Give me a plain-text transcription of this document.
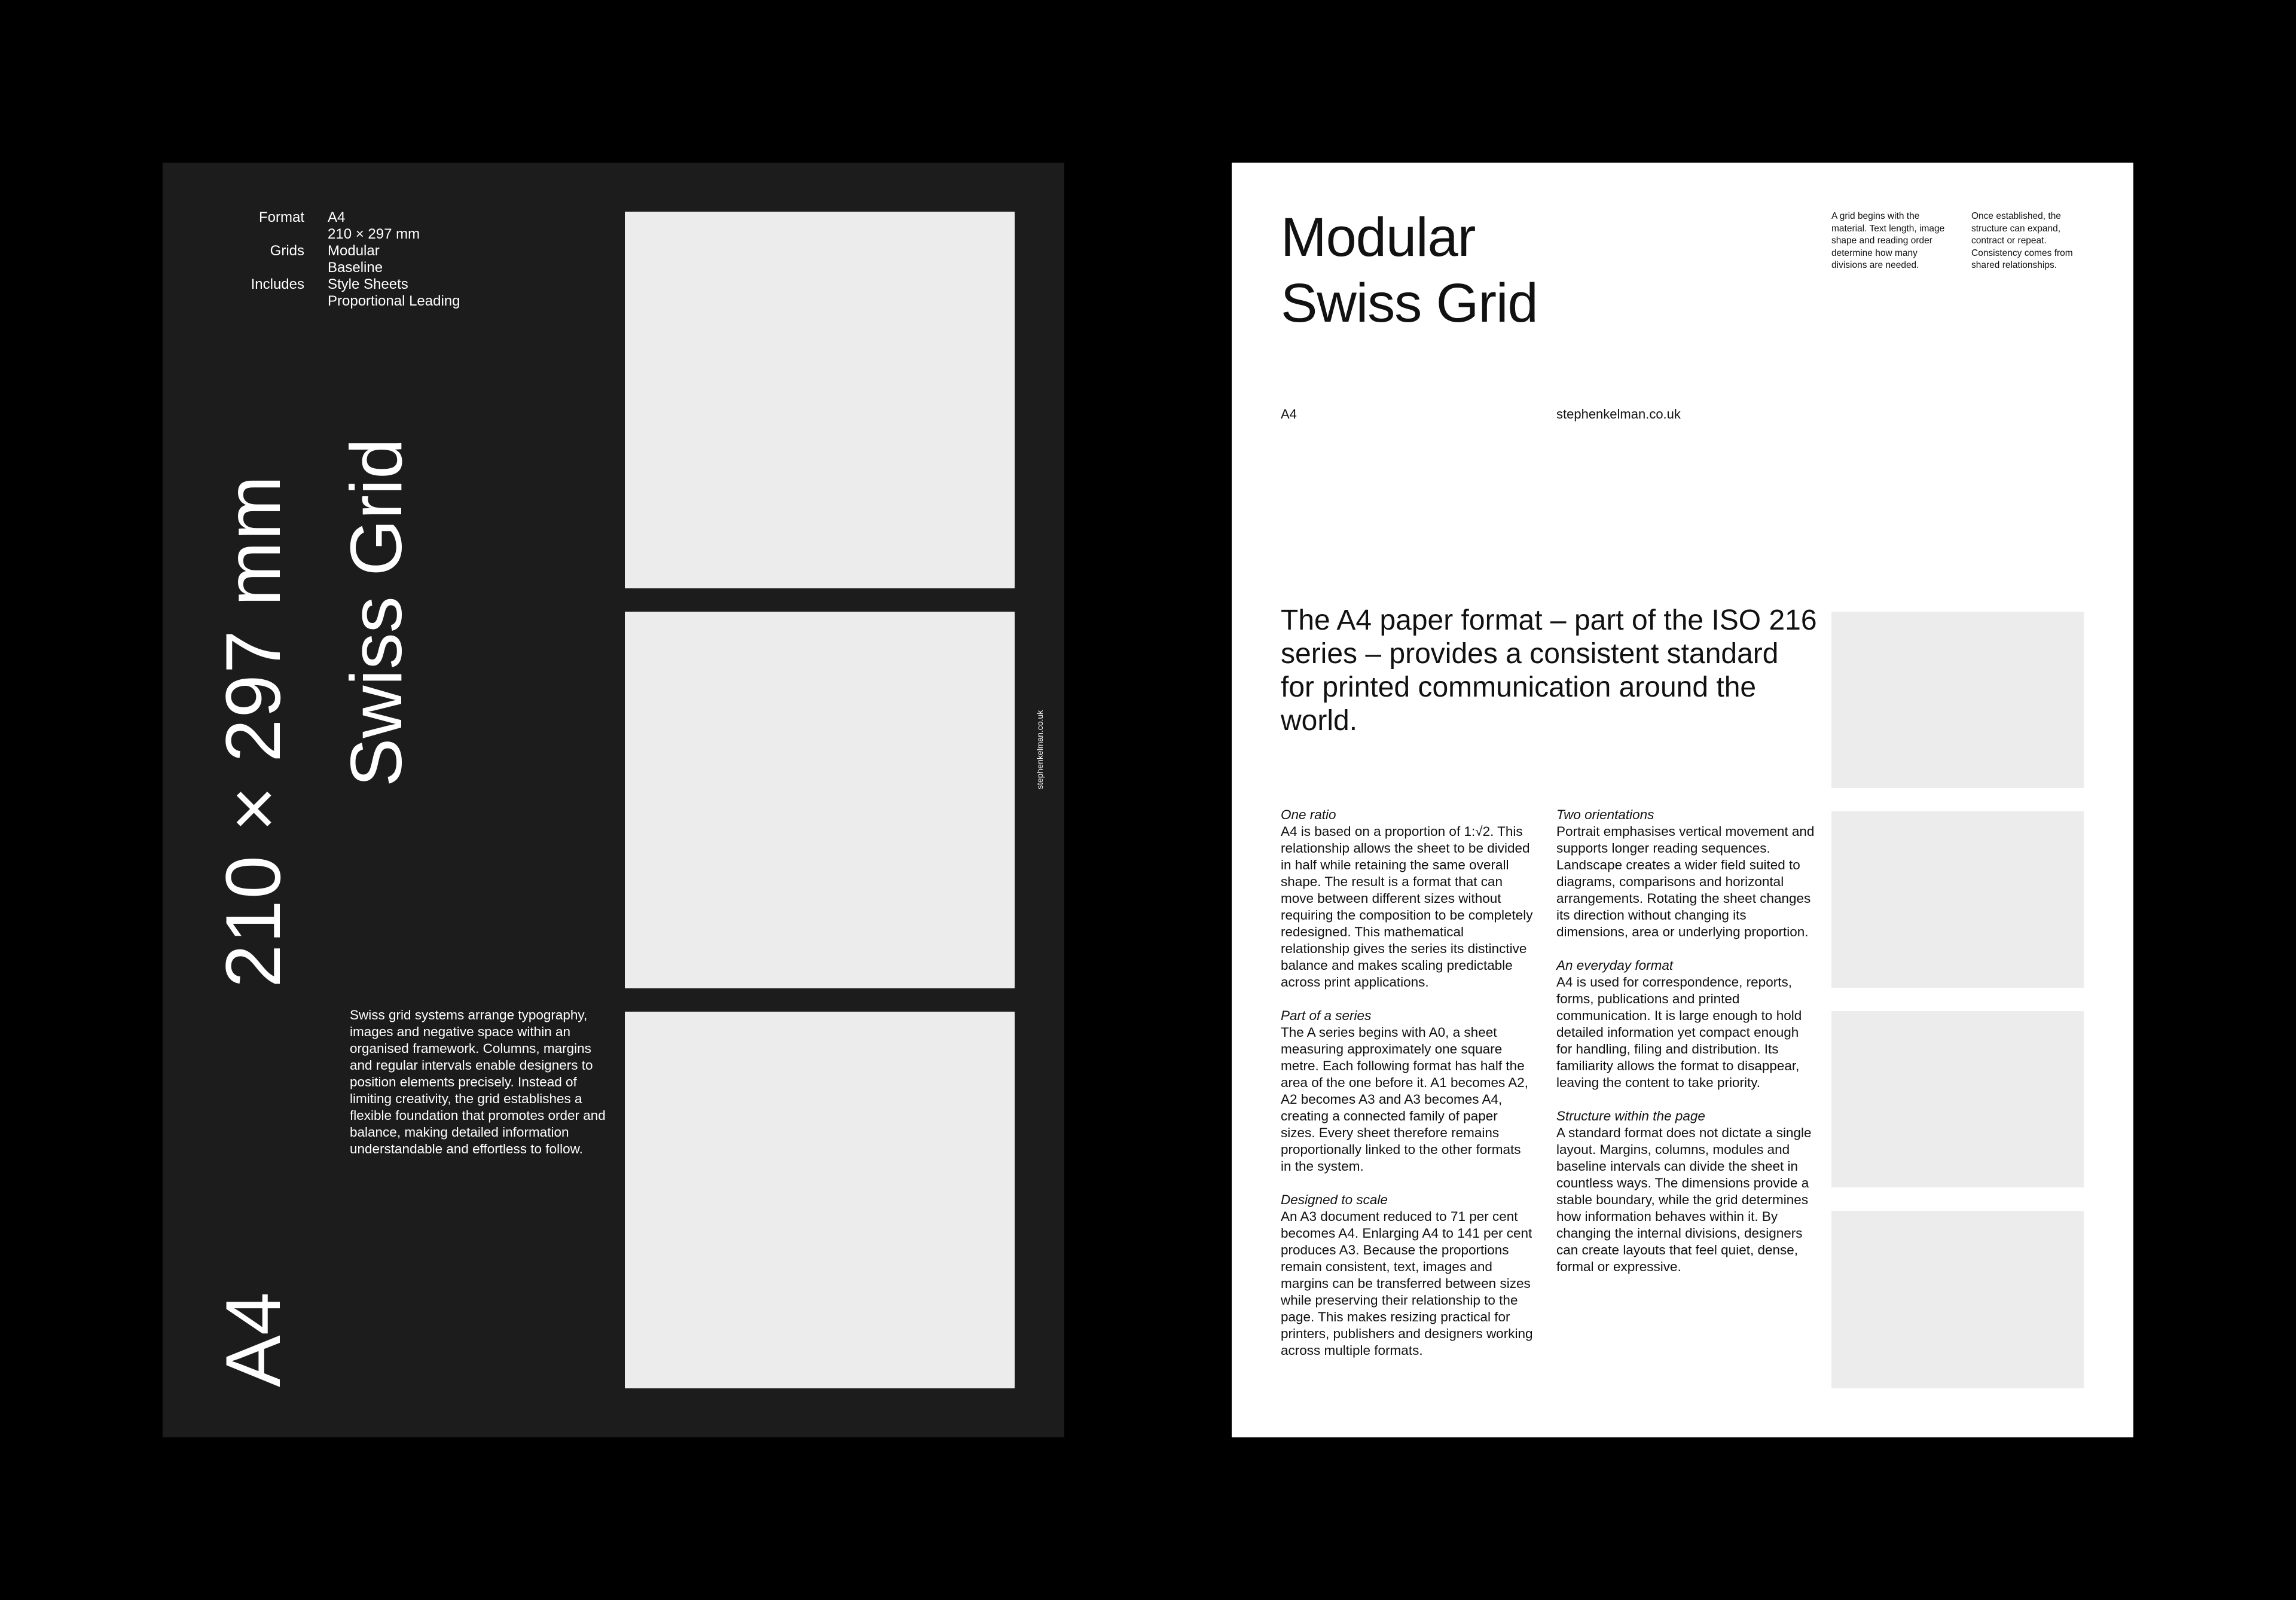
Format	A4
210 × 297 mm
Grids	Modular
Baseline
Includes	Style Sheets
Proportional Leading
210 × 297 mm Swiss Grid
A4
stephenkelman.co.uk
Swiss grid systems arrange typography, images and negative space within an organised framework. Columns, margins and regular intervals enable designers to position elements precisely. Instead of limiting creativity, the grid establishes a flexible foundation that promotes order and balance, making detailed information understandable and effortless to follow.
Modular
Swiss Grid
A grid begins with the material. Text length, image shape and reading order determine how many divisions are needed.
Once established, the structure can expand, contract or repeat. Consistency comes from shared relationships.
A4	stephenkelman.co.uk
The A4 paper format – part of the ISO 216 series – provides a consistent standard for printed communication around the world.
One ratio
A4 is based on a proportion of 1:√2. This relationship allows the sheet to be divided in half while retaining the same overall shape. The result is a format that can move between different sizes without requiring the composition to be completely redesigned. This mathematical relationship gives the series its distinctive balance and makes scaling predictable across print applications.
Part of a series
The A series begins with A0, a sheet measuring approximately one square metre. Each following format has half the area of the one before it. A1 becomes A2, A2 becomes A3 and A3 becomes A4, creating a connected family of paper sizes. Every sheet therefore remains proportionally linked to the other formats in the system.
Designed to scale
An A3 document reduced to 71 per cent becomes A4. Enlarging A4 to 141 per cent produces A3. Because the proportions remain consistent, text, images and margins can be transferred between sizes while preserving their relationship to the page. This makes resizing practical for printers, publishers and designers working across multiple formats.
Two orientations
Portrait emphasises vertical movement and supports longer reading sequences. Landscape creates a wider field suited to diagrams, comparisons and horizontal arrangements. Rotating the sheet changes its direction without changing its dimensions, area or underlying proportion.
An everyday format
A4 is used for correspondence, reports, forms, publications and printed communication. It is large enough to hold detailed information yet compact enough for handling, filing and distribution. Its familiarity allows the format to disappear, leaving the content to take priority.
Structure within the page
A standard format does not dictate a single layout. Margins, columns, modules and baseline intervals can divide the sheet in countless ways. The dimensions provide a stable boundary, while the grid determines how information behaves within it. By changing the internal divisions, designers can create layouts that feel quiet, dense, formal or expressive.
